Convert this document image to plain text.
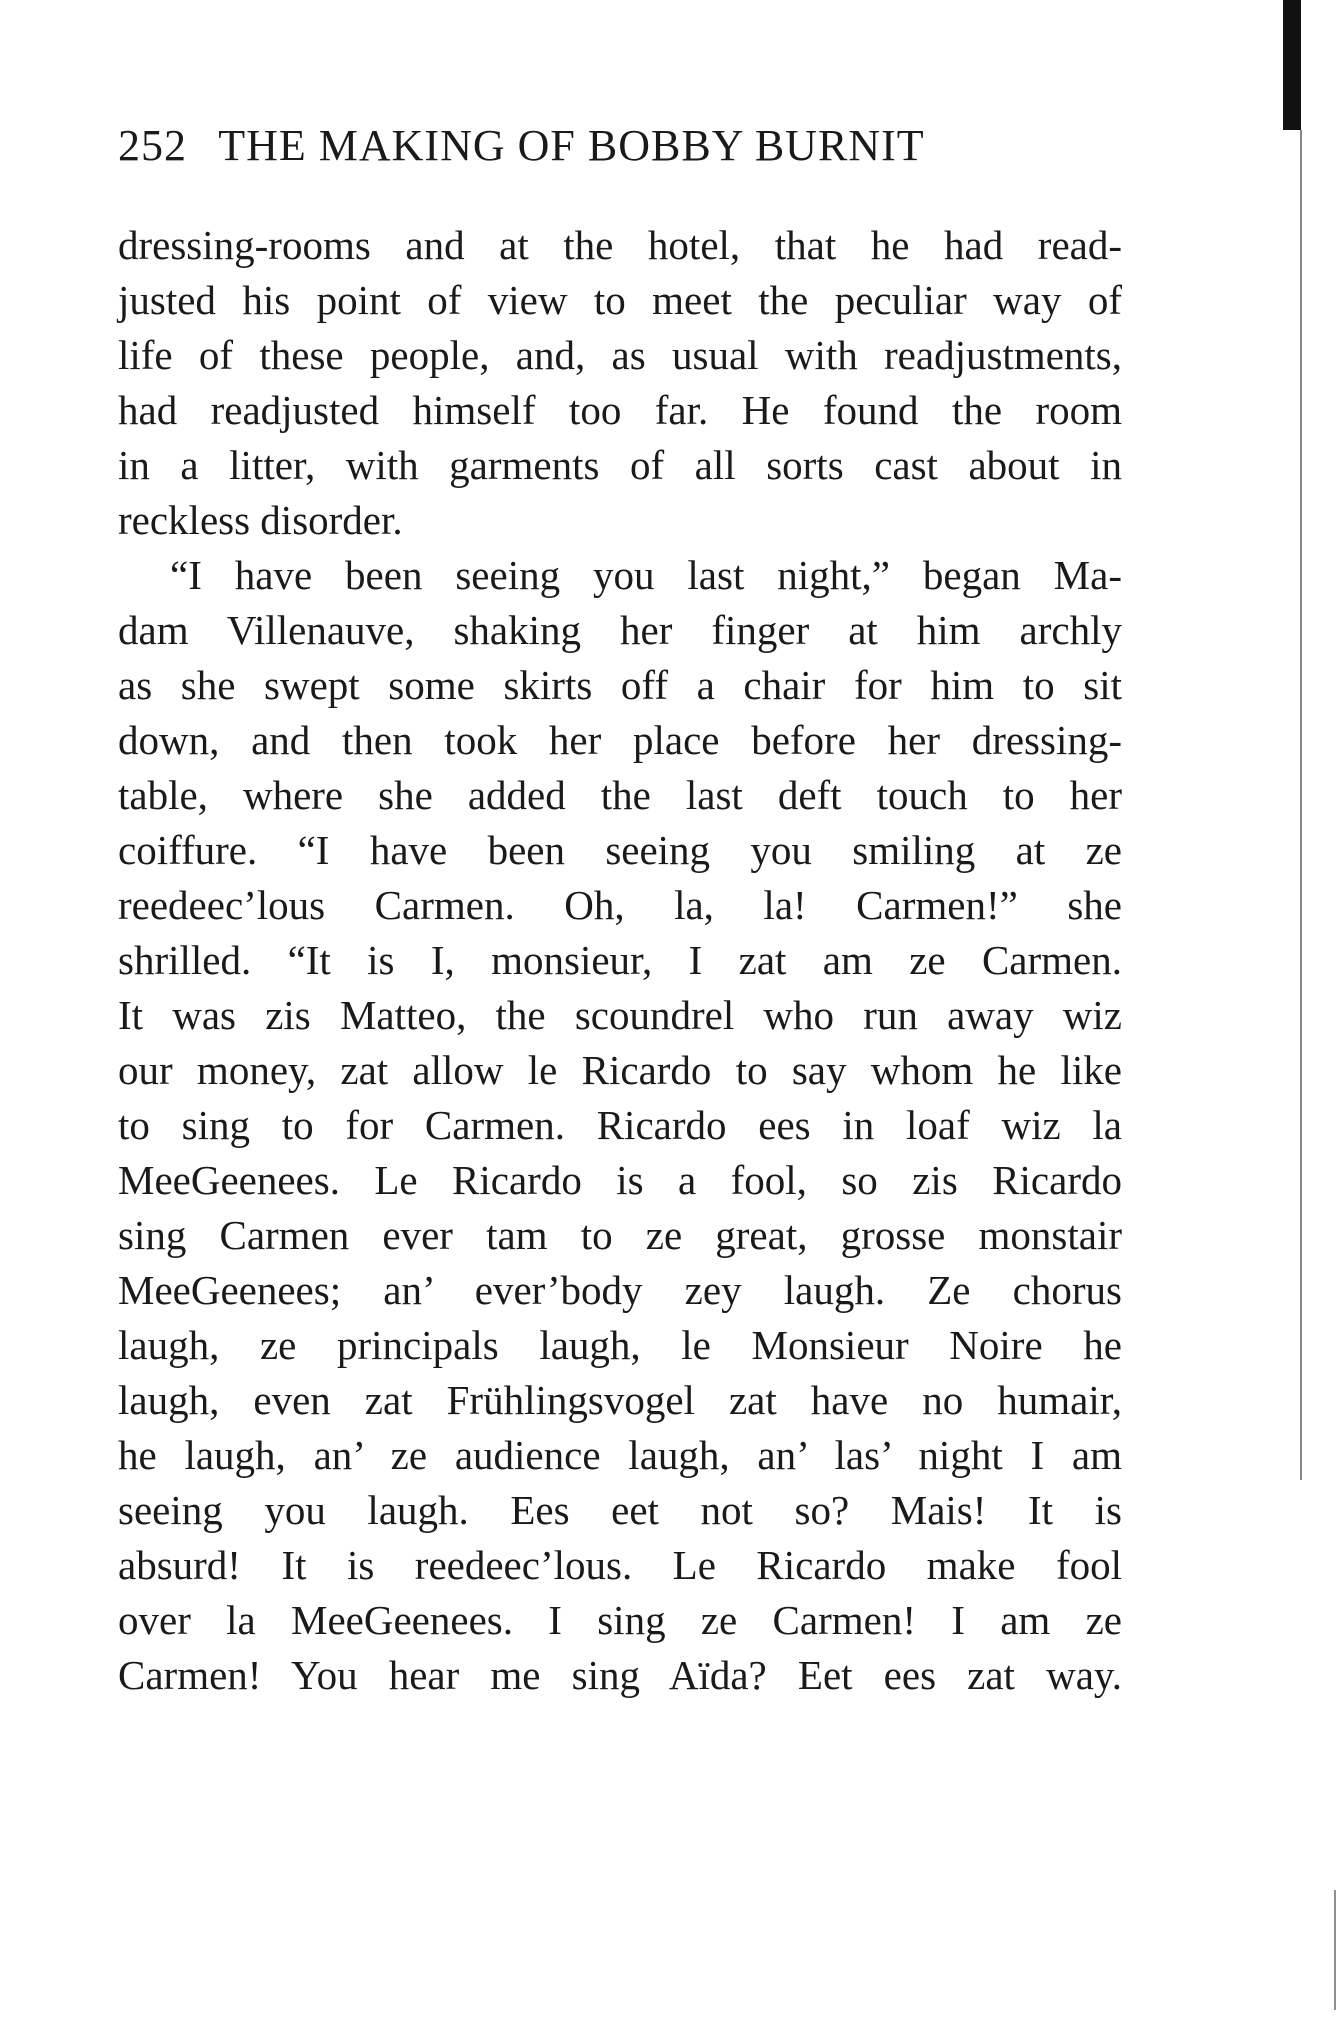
252 THE MAKING OF BOBBY BURNIT
dressing-rooms and at the hotel, that he had read-
justed his point of view to meet the peculiar way of
life of these people, and, as usual with readjustments,
had readjusted himself too far. He found the room
in a litter, with garments of all sorts cast about in
reckless disorder.
“I have been seeing you last night,” began Ma-
dam Villenauve, shaking her finger at him archly
as she swept some skirts off a chair for him to sit
down, and then took her place before her dressing-
table, where she added the last deft touch to her
coiffure. “I have been seeing you smiling at ze
reedeec’lous Carmen. Oh, la, la! Carmen!” she
shrilled. “It is I, monsieur, I zat am ze Carmen.
It was zis Matteo, the scoundrel who run away wiz
our money, zat allow le Ricardo to say whom he like
to sing to for Carmen. Ricardo ees in loaf wiz la
MeeGeenees. Le Ricardo is a fool, so zis Ricardo
sing Carmen ever tam to ze great, grosse monstair
MeeGeenees; an’ ever’body zey laugh. Ze chorus
laugh, ze principals laugh, le Monsieur Noire he
laugh, even zat Frühlingsvogel zat have no humair,
he laugh, an’ ze audience laugh, an’ las’ night I am
seeing you laugh. Ees eet not so? Mais! It is
absurd! It is reedeec’lous. Le Ricardo make fool
over la MeeGeenees. I sing ze Carmen! I am ze
Carmen! You hear me sing Aïda? Eet ees zat way.
